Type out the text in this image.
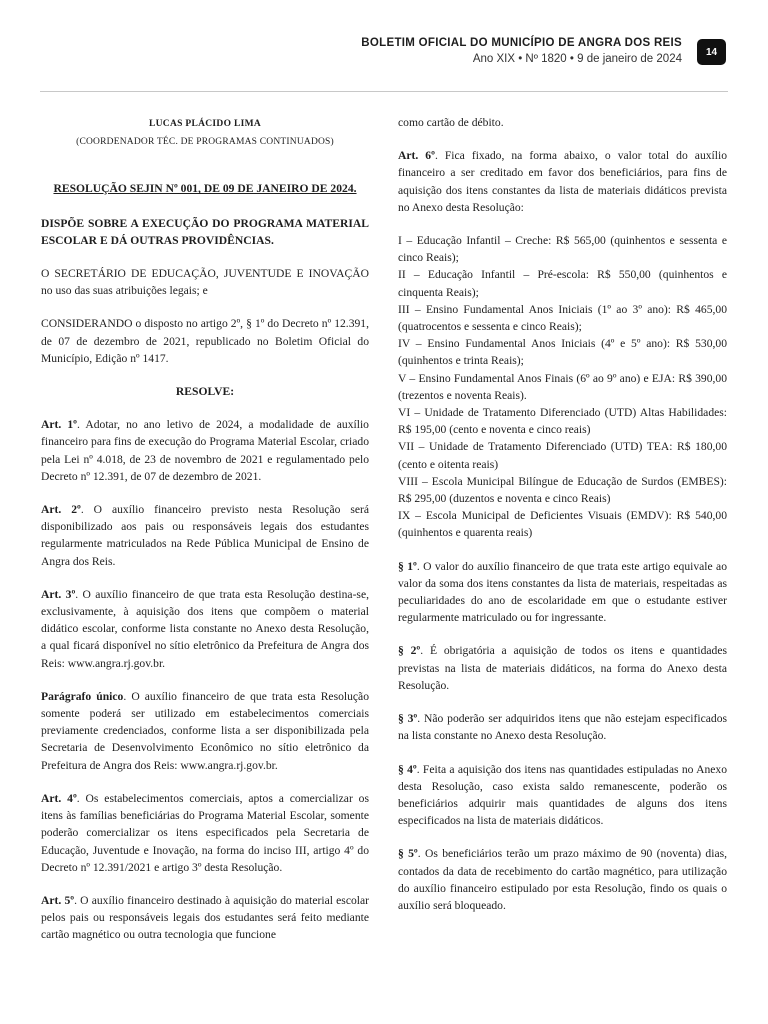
BOLETIM OFICIAL DO MUNICÍPIO DE ANGRA DOS REIS
Ano XIX • Nº 1820 • 9 de janeiro de 2024
14

LUCAS PLÁCIDO LIMA

(COORDENADOR TÉC. DE PROGRAMAS CONTINUADOS)

RESOLUÇÃO SEJIN Nº 001, DE 09 DE JANEIRO DE 2024.

DISPÕE SOBRE A EXECUÇÃO DO PROGRAMA MATERIAL ESCOLAR E DÁ OUTRAS PROVIDÊNCIAS.

O SECRETÁRIO DE EDUCAÇÃO, JUVENTUDE E INOVAÇÃO no uso das suas atribuições legais; e

CONSIDERANDO o disposto no artigo 2º, § 1º do Decreto nº 12.391, de 07 de dezembro de 2021, republicado no Boletim Oficial do Município, Edição nº 1417.

RESOLVE:

Art. 1º. Adotar, no ano letivo de 2024, a modalidade de auxílio financeiro para fins de execução do Programa Material Escolar, criado pela Lei nº 4.018, de 23 de novembro de 2021 e regulamentado pelo Decreto nº 12.391, de 07 de dezembro de 2021.

Art. 2º. O auxílio financeiro previsto nesta Resolução será disponibilizado aos pais ou responsáveis legais dos estudantes regularmente matriculados na Rede Pública Municipal de Ensino de Angra dos Reis.

Art. 3º. O auxílio financeiro de que trata esta Resolução destina-se, exclusivamente, à aquisição dos itens que compõem o material didático escolar, conforme lista constante no Anexo desta Resolução, a qual ficará disponível no sítio eletrônico da Prefeitura de Angra dos Reis: www.angra.rj.gov.br.

Parágrafo único. O auxílio financeiro de que trata esta Resolução somente poderá ser utilizado em estabelecimentos comerciais previamente credenciados, conforme lista a ser disponibilizada pela Secretaria de Desenvolvimento Econômico no sítio eletrônico da Prefeitura de Angra dos Reis: www.angra.rj.gov.br.

Art. 4º. Os estabelecimentos comerciais, aptos a comercializar os itens às famílias beneficiárias do Programa Material Escolar, somente poderão comercializar os itens especificados pela Secretaria de Educação, Juventude e Inovação, na forma do inciso III, artigo 4º do Decreto nº 12.391/2021 e artigo 3º desta Resolução.

Art. 5º. O auxílio financeiro destinado à aquisição do material escolar pelos pais ou responsáveis legais dos estudantes será feito mediante cartão magnético ou outra tecnologia que funcione

como cartão de débito.

Art. 6º. Fica fixado, na forma abaixo, o valor total do auxílio financeiro a ser creditado em favor dos beneficiários, para fins de aquisição dos itens constantes da lista de materiais didáticos prevista no Anexo desta Resolução:

I – Educação Infantil – Creche: R$ 565,00 (quinhentos e sessenta e cinco Reais);

II – Educação Infantil – Pré-escola: R$ 550,00 (quinhentos e cinquenta Reais);

III – Ensino Fundamental Anos Iniciais (1º ao 3º ano): R$ 465,00 (quatrocentos e sessenta e cinco Reais);

IV – Ensino Fundamental Anos Iniciais (4º e 5º ano): R$ 530,00 (quinhentos e trinta Reais);

V – Ensino Fundamental Anos Finais (6º ao 9º ano) e EJA: R$ 390,00 (trezentos e noventa Reais).

VI – Unidade de Tratamento Diferenciado (UTD) Altas Habilidades: R$ 195,00 (cento e noventa e cinco reais)

VII – Unidade de Tratamento Diferenciado (UTD) TEA: R$ 180,00 (cento e oitenta reais)

VIII – Escola Municipal Bilíngue de Educação de Surdos (EMBES): R$ 295,00 (duzentos e noventa e cinco Reais)

IX – Escola Municipal de Deficientes Visuais (EMDV): R$ 540,00 (quinhentos e quarenta reais)

§ 1º. O valor do auxílio financeiro de que trata este artigo equivale ao valor da soma dos itens constantes da lista de materiais, respeitadas as peculiaridades do ano de escolaridade em que o estudante estiver regularmente matriculado ou for ingressante.

§ 2º. É obrigatória a aquisição de todos os itens e quantidades previstas na lista de materiais didáticos, na forma do Anexo desta Resolução.

§ 3º. Não poderão ser adquiridos itens que não estejam especificados na lista constante no Anexo desta Resolução.

§ 4º. Feita a aquisição dos itens nas quantidades estipuladas no Anexo desta Resolução, caso exista saldo remanescente, poderão os beneficiários adquirir mais quantidades de alguns dos itens especificados na lista de materiais didáticos.

§ 5º. Os beneficiários terão um prazo máximo de 90 (noventa) dias, contados da data de recebimento do cartão magnético, para utilização do auxílio financeiro estipulado por esta Resolução, findo os quais o auxílio será bloqueado.
